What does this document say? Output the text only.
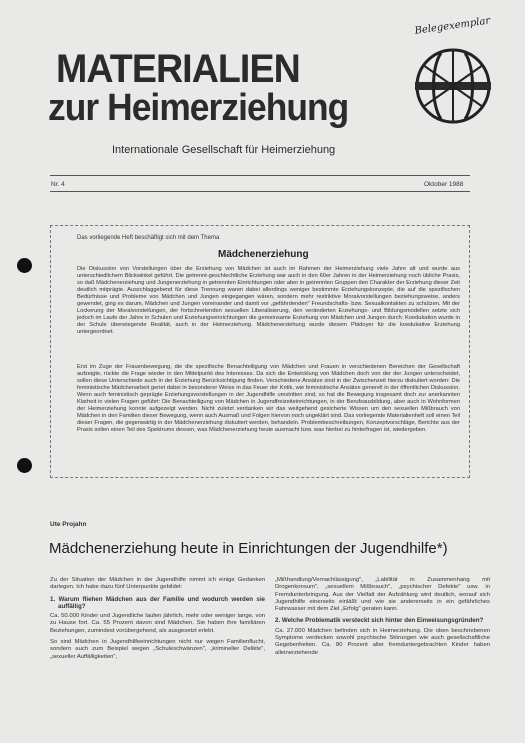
Belegexemplar
MATERIALIEN
zur Heimerziehung
Internationale Gesellschaft für Heimerziehung
Nr. 4	Oktober 1988
Das vorliegende Heft beschäftigt sich mit dem Thema
Mädchenerziehung

Die Diskussion von Vorstellungen über die Erziehung von Mädchen ist auch im Rahmen der Heimerziehung viele Jahre alt und wurde aus unterschiedlichem Blickwinkel geführt. Die getrennt-geschlechtliche Erziehung war auch in den 60er Jahren in der Heimerziehung noch übliche Praxis, so daß Mädchenerziehung und Jungenerziehung in getrennten Einrichtungen oder aber in getrennten Gruppen den Charakter der Erziehung dieser Zeit deutlich mitprägte. Ausschlaggebend für diese Trennung waren dabei allerdings weniger bestimmte Erziehungskonzepte, die auf die spezifischen Bedürfnisse und Probleme von Mädchen und Jungen eingegangen wären, sondern mehr restriktive Moralvorstellungen beziehungsweise, anders gewendet, ging es darum, Mädchen und Jungen voreinander und damit vor „gefährdenden" Freundschafts- bzw. Sexualkontakten zu schützen. Mit der Lockerung der Moralvorstellungen, der fortschreitenden sexuellen Liberalisierung, den veränderten Erziehungs- und Bildungsmodellen setzte sich jedoch im Laufe der Jahre in Schulen und Erziehungseinrichtungen die gemeinsame Erziehung von Mädchen und Jungen durch: Koedukation wurde in der Schule überwiegende Realität, auch in der Heimerziehung. Mädchenerziehung wurde diesem Plädoyer für die koedukative Erziehung untergeordnet.

Erst im Zuge der Frauenbewegung, die die spezifische Benachteiligung von Mädchen und Frauen in verschiedenen Bereichen der Gesellschaft aufzeigte, rückte die Frage wieder in den Mittelpunkt des Interesses. Da sich die Entwicklung von Mädchen doch von der der Jungen unterscheidet, sollen diese Unterschiede auch in der Erziehung Berücksichtigung finden. Verschiedene Ansätze sind in der Zwischenzeit hierzu diskutiert worden: Die feministische Mädchenarbeit geriet dabei in besonderer Weise in das Feuer der Kritik, wie feministische Ansätze generell in der öffentlichen Diskussion. Wenn auch feministisch geprägte Erziehungsvorstellungen in der Jugendhilfe umstritten sind, so hat die Bewegung insgesamt doch zur anerkannten Klarheit in vielen Fragen geführt: Die Benachteiligung von Mädchen in Jugendfreizeiteinrichtungen, in der Berufsausbildung, aber auch in Wohnformen der Heimerziehung konnte aufgezeigt werden. Nicht zuletzt verdanken wir das weitgehend gesicherte Wissen um den sexuellen Mißbrauch von Mädchen in den Familien dieser Bewegung, wenn auch Ausmaß und Folgen hiervon noch ungeklärt sind. Das vorliegende Materialienheft soll einen Teil dieser Fragen, die gegenwärtig in der Mädchenerziehung diskutiert werden, behandeln. Problembeschreibungen, Konzeptvorschläge, Berichte aus der Praxis sollen einen Teil des Spektrums dessen, was Mädchenerziehung heute ausmacht bzw. was hierbei zu hinterfragen ist, wiedergeben.

Ute Projahn
Mädchenerziehung heute in Einrichtungen der Jugendhilfe*)

Zu der Situation der Mädchen in der Jugendhilfe nimmt ich einige Gedanken darlegen. Ich habe dazu fünf Unterpunkte gebildet:

1. Warum fliehen Mädchen aus der Familie und wodurch werden sie auffällig?

Ca. 50.000 Kinder und Jugendliche laufen jährlich, mehr oder weniger lange, von zu Hause fort. Ca. 55 Prozent davon sind Mädchen. Sie haben ihre familiären Beziehungen, zumindest vorübergehend, als ausgesetzt erlebt.

So sind Mädchen in Jugendhilfeeinrichtungen nicht nur wegen Familienflucht, sondern auch zum Beispiel wegen „Schuleschwänzen", „krimineller Delikte", „sexueller Auffälligkeiten",

„Mißhandlung/Vernachlässigung", „Labilität in Zusammenhang mit Drogenkonsum", „sexuellem Mißbrauch", „psychischer Defekte" usw. in Fremdunterbringung. Aus der Vielfalt der Aufzählung wird deutlich, worauf sich Jugendhilfe einerseits einläßt und wie sie andererseits in ein gefährliches Fahrwasser mit dem Ziel „Erfolg" geraten kann.

2. Welche Problematik versteckt sich hinter den Einweisungsgründen?

Ca. 27.000 Mädchen befinden sich in Heimerziehung. Die oben beschriebenen Symptome verdecken sowohl psychische Störungen wie auch gesellschaftliche Gegebenheiten. Ca. 80 Prozent aller fremduntergebrachten Kinder haben alleinerziehende
